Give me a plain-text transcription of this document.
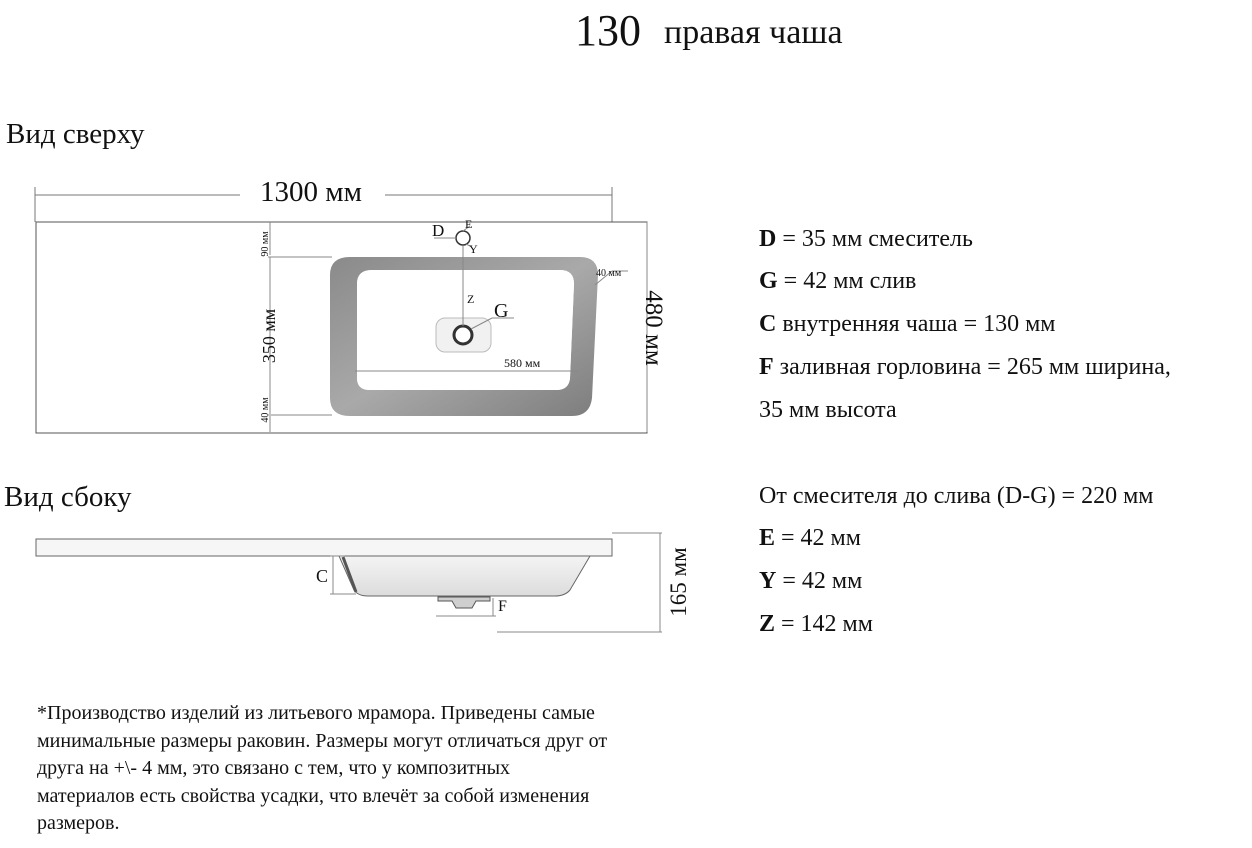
130 правая чаша
Вид сверху
Вид сбоку
1300 мм
90 мм
350 мм
40 мм
480 мм
40 мм
580 мм
D E
Y
Z
G
C
F	165 мм
D = 35 мм смеситель
G = 42 мм слив
C внутренняя чаша = 130 мм
F заливная горловина = 265 мм ширина,
35 мм высота
От смесителя до слива (D-G) = 220 мм
E = 42 мм
Y = 42 мм
Z = 142 мм
*Производство изделий из литьевого мрамора. Приведены самые
минимальные размеры раковин. Размеры могут отличаться друг от
друга на +\- 4 мм, это связано с тем, что у композитных
материалов есть свойства усадки, что влечёт за собой изменения
размеров.
